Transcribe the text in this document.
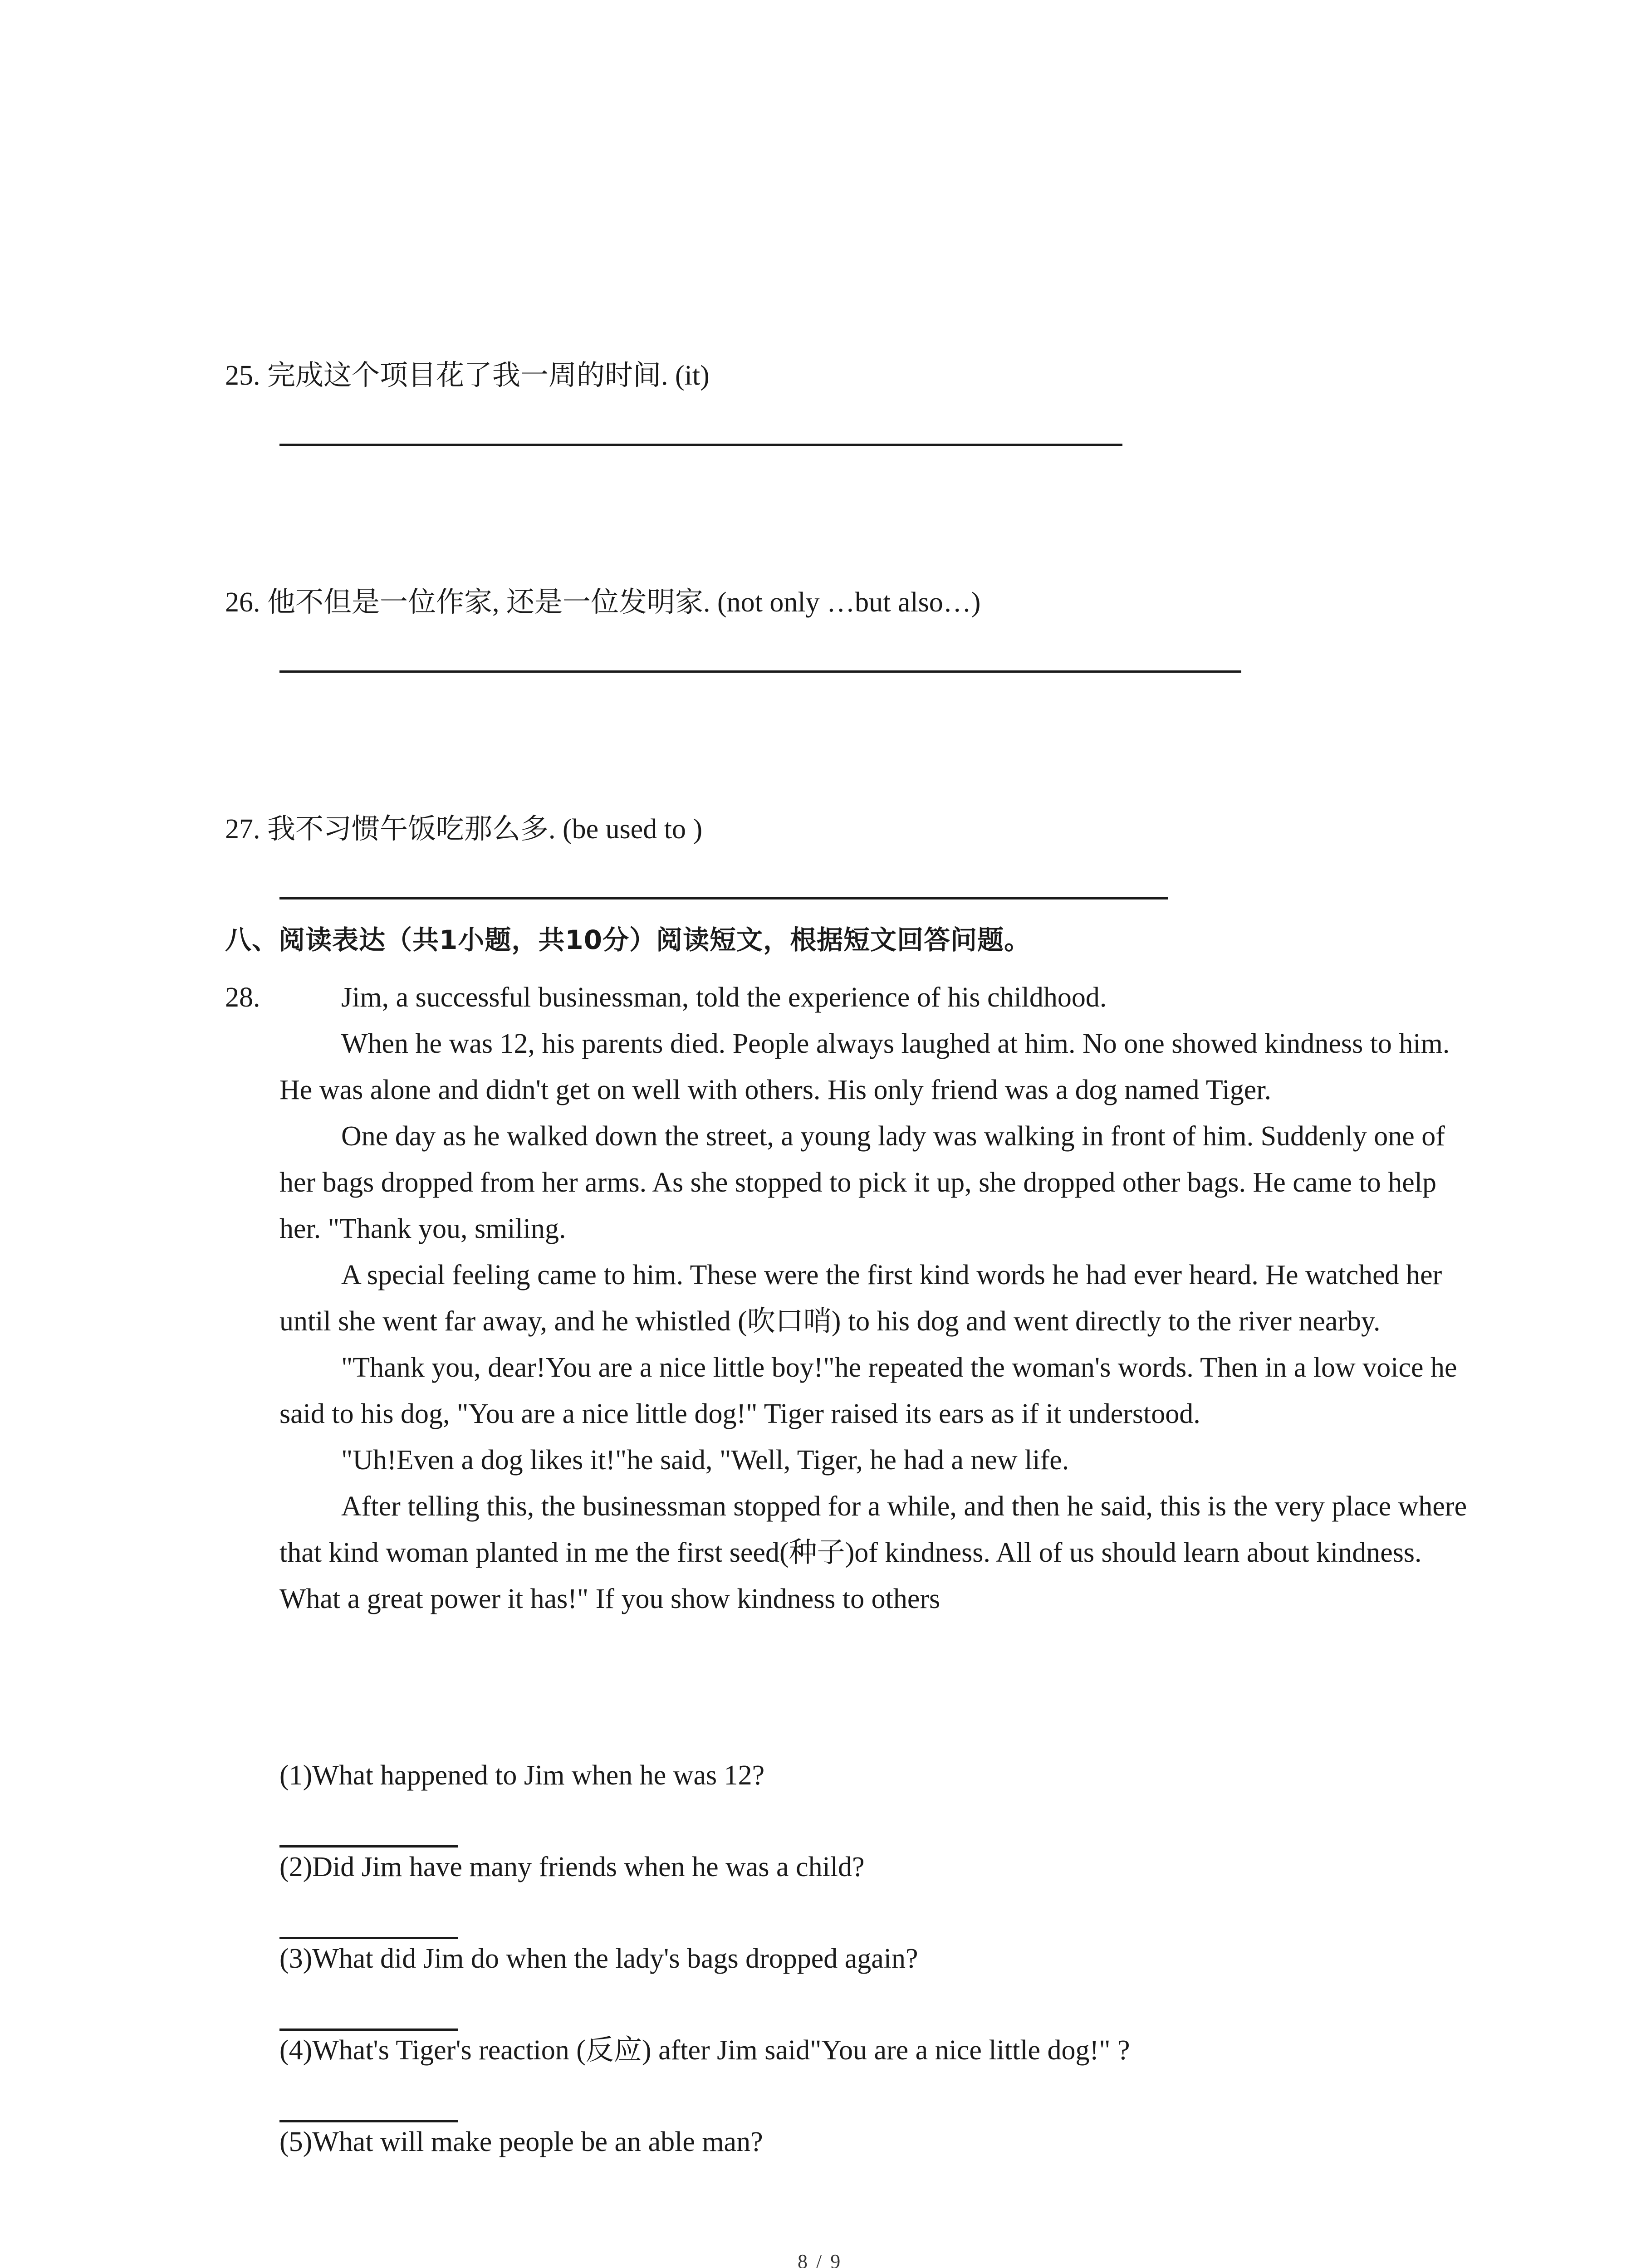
25. 完成这个项目花了我一周的时间. (it)
26. 他不但是一位作家, 还是一位发明家. (not only …but also…)
27. 我不习惯午饭吃那么多. (be used to )
八、阅读表达（共1小题，共10分）阅读短文，根据短文回答问题。
28.	Jim, a successful businessman, told the experience of his childhood.

When he was 12, his parents died. People always laughed at him. No one showed kindness to him. He was alone and didn't get on well with others. His only friend was a dog named Tiger.

One day as he walked down the street, a young lady was walking in front of him. Suddenly one of her bags dropped from her arms. As she stopped to pick it up, she dropped other bags. He came to help her. "Thank you, smiling.

A special feeling came to him. These were the first kind words he had ever heard. He watched her until she went far away, and he whistled (吹口哨) to his dog and went directly to the river nearby.

"Thank you, dear!You are a nice little boy!"he repeated the woman's words. Then in a low voice he said to his dog, "You are a nice little dog!" Tiger raised its ears as if it understood.

"Uh!Even a dog likes it!"he said, "Well, Tiger, he had a new life.

After telling this, the businessman stopped for a while, and then he said, this is the very place where that kind woman planted in me the first seed(种子)of kindness. All of us should learn about kindness. What a great power it has!" If you show kindness to others

(1)What happened to Jim when he was 12?
(2)Did Jim have many friends when he was a child?
(3)What did Jim do when the lady's bags dropped again?
(4)What's Tiger's reaction (反应) after Jim said"You are a nice little dog!" ?
(5)What will make people be an able man?
8 / 9
